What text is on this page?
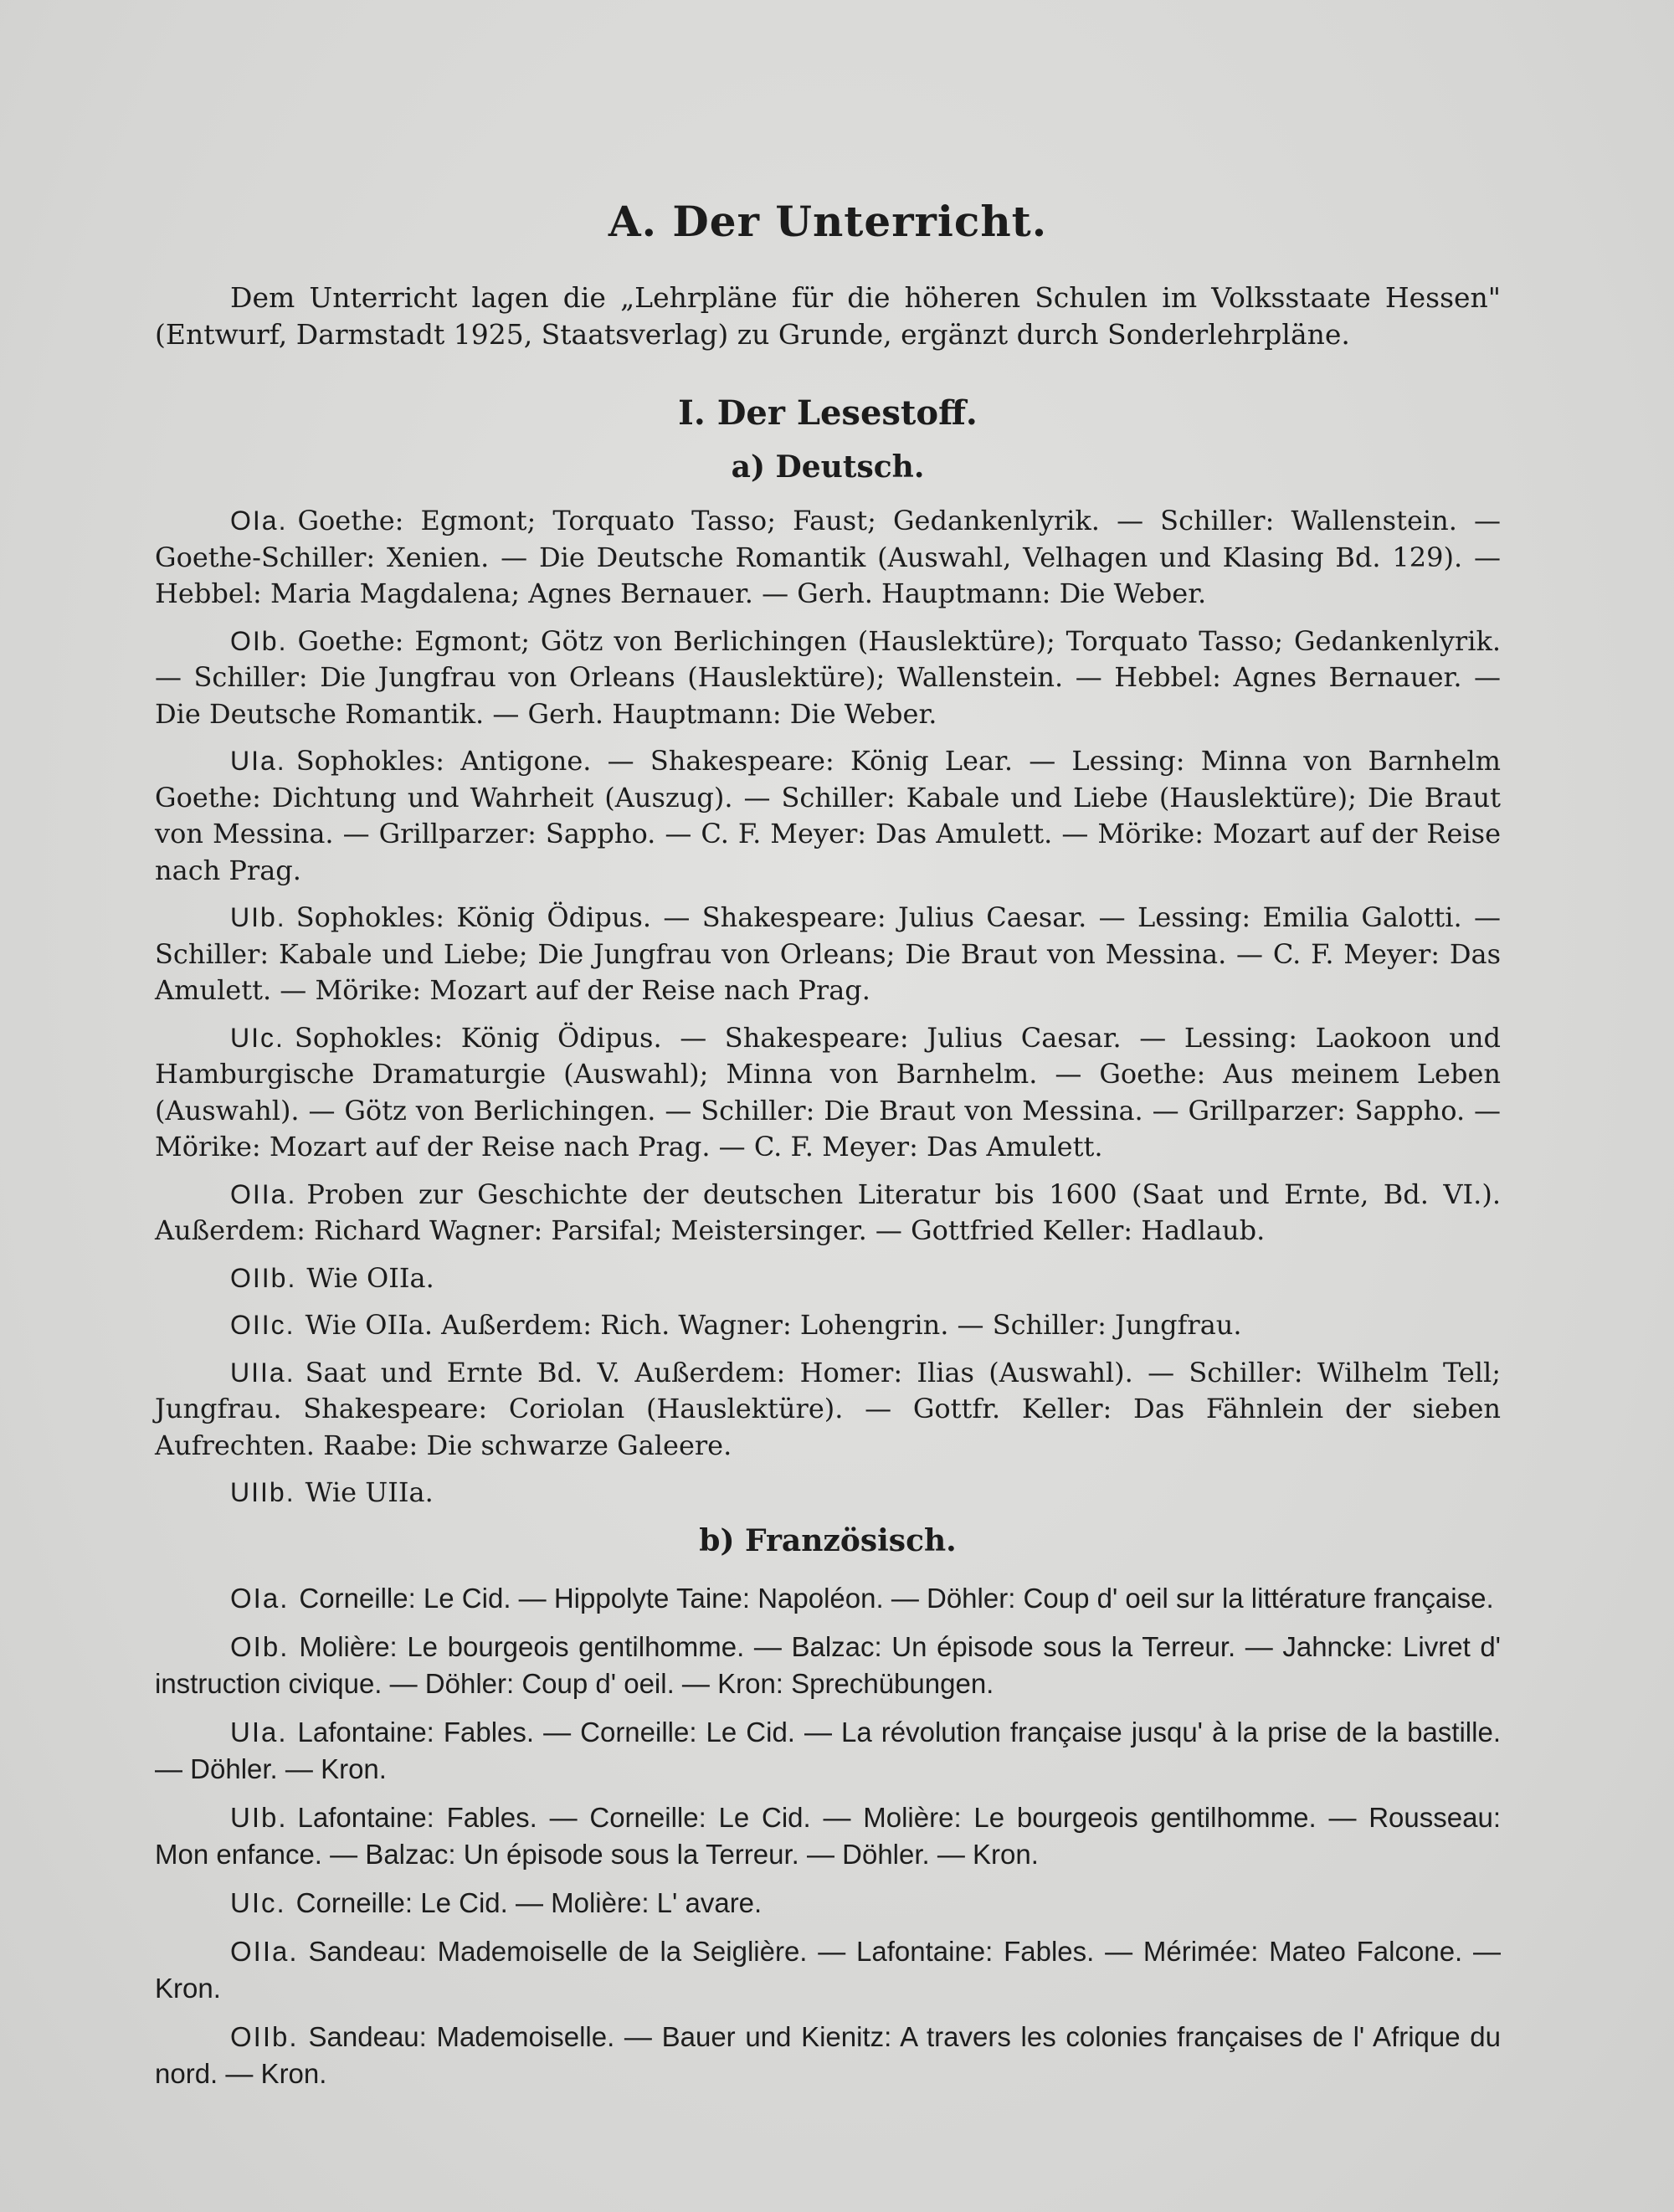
A. Der Unterricht.

Dem Unterricht lagen die „Lehrpläne für die höheren Schulen im Volksstaate Hessen" (Entwurf, Darmstadt 1925, Staatsverlag) zu Grunde, ergänzt durch Sonderlehrpläne.

I. Der Lesestoff.
a) Deutsch.

OIa. Goethe: Egmont; Torquato Tasso; Faust; Gedankenlyrik. — Schiller: Wallenstein. — Goethe-Schiller: Xenien. — Die Deutsche Romantik (Auswahl, Velhagen und Klasing Bd. 129). — Hebbel: Maria Magdalena; Agnes Bernauer. — Gerh. Hauptmann: Die Weber.

OIb. Goethe: Egmont; Götz von Berlichingen (Hauslektüre); Torquato Tasso; Gedankenlyrik. — Schiller: Die Jungfrau von Orleans (Hauslektüre); Wallenstein. — Hebbel: Agnes Bernauer. — Die Deutsche Romantik. — Gerh. Hauptmann: Die Weber.

UIa. Sophokles: Antigone. — Shakespeare: König Lear. — Lessing: Minna von Barnhelm Goethe: Dichtung und Wahrheit (Auszug). — Schiller: Kabale und Liebe (Hauslektüre); Die Braut von Messina. — Grillparzer: Sappho. — C. F. Meyer: Das Amulett. — Mörike: Mozart auf der Reise nach Prag.

UIb. Sophokles: König Ödipus. — Shakespeare: Julius Caesar. — Lessing: Emilia Galotti. — Schiller: Kabale und Liebe; Die Jungfrau von Orleans; Die Braut von Messina. — C. F. Meyer: Das Amulett. — Mörike: Mozart auf der Reise nach Prag.

UIc. Sophokles: König Ödipus. — Shakespeare: Julius Caesar. — Lessing: Laokoon und Hamburgische Dramaturgie (Auswahl); Minna von Barnhelm. — Goethe: Aus meinem Leben (Auswahl). — Götz von Berlichingen. — Schiller: Die Braut von Messina. — Grillparzer: Sappho. — Mörike: Mozart auf der Reise nach Prag. — C. F. Meyer: Das Amulett.

OIIa. Proben zur Geschichte der deutschen Literatur bis 1600 (Saat und Ernte, Bd. VI.). Außerdem: Richard Wagner: Parsifal; Meistersinger. — Gottfried Keller: Hadlaub.

OIIb. Wie OIIa.

OIIc. Wie OIIa. Außerdem: Rich. Wagner: Lohengrin. — Schiller: Jungfrau.

UIIa. Saat und Ernte Bd. V. Außerdem: Homer: Ilias (Auswahl). — Schiller: Wilhelm Tell; Jungfrau. Shakespeare: Coriolan (Hauslektüre). — Gottfr. Keller: Das Fähnlein der sieben Aufrechten. Raabe: Die schwarze Galeere.

UIIb. Wie UIIa.

b) Französisch.

OIa. Corneille: Le Cid. — Hippolyte Taine: Napoléon. — Döhler: Coup d' oeil sur la littérature française.

OIb. Molière: Le bourgeois gentilhomme. — Balzac: Un épisode sous la Terreur. — Jahncke: Livret d' instruction civique. — Döhler: Coup d' oeil. — Kron: Sprechübungen.

UIa. Lafontaine: Fables. — Corneille: Le Cid. — La révolution française jusqu' à la prise de la bastille. — Döhler. — Kron.

UIb. Lafontaine: Fables. — Corneille: Le Cid. — Molière: Le bourgeois gentilhomme. — Rousseau: Mon enfance. — Balzac: Un épisode sous la Terreur. — Döhler. — Kron.

UIc. Corneille: Le Cid. — Molière: L' avare.

OIIa. Sandeau: Mademoiselle de la Seiglière. — Lafontaine: Fables. — Mérimée: Mateo Falcone. — Kron.

OIIb. Sandeau: Mademoiselle. — Bauer und Kienitz: A travers les colonies françaises de l' Afrique du nord. — Kron.
